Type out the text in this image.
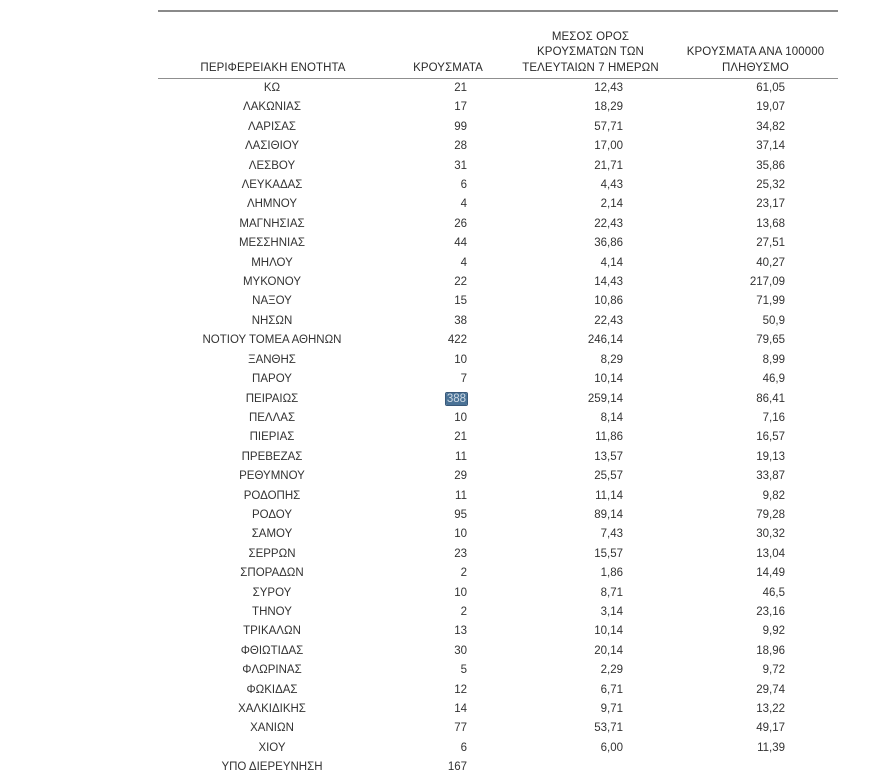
ΠΕΡΙΦΕΡΕΙΑΚΗ ΕΝΟΤΗΤΑ	ΚΡΟΥΣΜΑΤΑ	ΜΕΣΟΣ ΟΡΟΣ
ΚΡΟΥΣΜΑΤΩΝ ΤΩΝ
ΤΕΛΕΥΤΑΙΩΝ 7 ΗΜΕΡΩΝ	ΚΡΟΥΣΜΑΤΑ ΑΝΑ 100000
ΠΛΗΘΥΣΜΟ

ΚΩ	21	12,43	61,05
ΛΑΚΩΝΙΑΣ	17	18,29	19,07
ΛΑΡΙΣΑΣ	99	57,71	34,82
ΛΑΣΙΘΙΟΥ	28	17,00	37,14
ΛΕΣΒΟΥ	31	21,71	35,86
ΛΕΥΚΑΔΑΣ	6	4,43	25,32
ΛΗΜΝΟΥ	4	2,14	23,17
ΜΑΓΝΗΣΙΑΣ	26	22,43	13,68
ΜΕΣΣΗΝΙΑΣ	44	36,86	27,51
ΜΗΛΟΥ	4	4,14	40,27
ΜΥΚΟΝΟΥ	22	14,43	217,09
ΝΑΞΟΥ	15	10,86	71,99
ΝΗΣΩΝ	38	22,43	50,9
ΝΟΤΙΟΥ ΤΟΜΕΑ ΑΘΗΝΩΝ	422	246,14	79,65
ΞΑΝΘΗΣ	10	8,29	8,99
ΠΑΡΟΥ	7	10,14	46,9
ΠΕΙΡΑΙΩΣ	388	259,14	86,41
ΠΕΛΛΑΣ	10	8,14	7,16
ΠΙΕΡΙΑΣ	21	11,86	16,57
ΠΡΕΒΕΖΑΣ	11	13,57	19,13
ΡΕΘΥΜΝΟΥ	29	25,57	33,87
ΡΟΔΟΠΗΣ	11	11,14	9,82
ΡΟΔΟΥ	95	89,14	79,28
ΣΑΜΟΥ	10	7,43	30,32
ΣΕΡΡΩΝ	23	15,57	13,04
ΣΠΟΡΑΔΩΝ	2	1,86	14,49
ΣΥΡΟΥ	10	8,71	46,5
ΤΗΝΟΥ	2	3,14	23,16
ΤΡΙΚΑΛΩΝ	13	10,14	9,92
ΦΘΙΩΤΙΔΑΣ	30	20,14	18,96
ΦΛΩΡΙΝΑΣ	5	2,29	9,72
ΦΩΚΙΔΑΣ	12	6,71	29,74
ΧΑΛΚΙΔΙΚΗΣ	14	9,71	13,22
ΧΑΝΙΩΝ	77	53,71	49,17
ΧΙΟΥ	6	6,00	11,39
ΥΠΟ ΔΙΕΡΕΥΝΗΣΗ	167		
